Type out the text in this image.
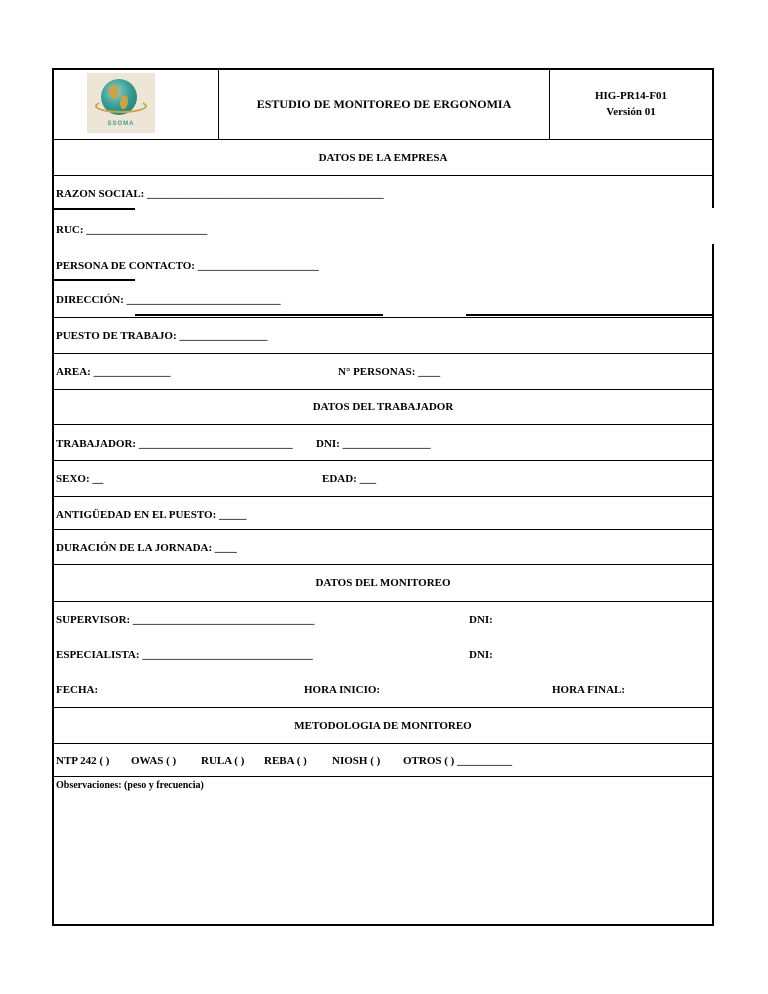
SSOMA
ESTUDIO DE MONITOREO DE ERGONOMIA
HIG-PR14-F01
Versión 01
DATOS DE LA EMPRESA
RAZON SOCIAL: ___________________________________________
RUC: ______________________
PERSONA DE CONTACTO: ______________________
DIRECCIÓN: ____________________________
PUESTO DE TRABAJO: ________________
AREA: ______________	N° PERSONAS: ____
DATOS DEL TRABAJADOR
TRABAJADOR: ____________________________ DNI: ________________
SEXO: __	EDAD: ___
ANTIGÜEDAD EN EL PUESTO: _____
DURACIÓN DE LA JORNADA: ____
DATOS DEL MONITOREO
SUPERVISOR: _________________________________	DNI:
ESPECIALISTA: _______________________________	DNI:
FECHA:	HORA INICIO:	HORA FINAL:
METODOLOGIA DE MONITOREO
NTP 242 ( ) OWAS ( ) RULA ( ) REBA ( ) NIOSH ( ) OTROS ( ) __________
Observaciones: (peso y frecuencia)
